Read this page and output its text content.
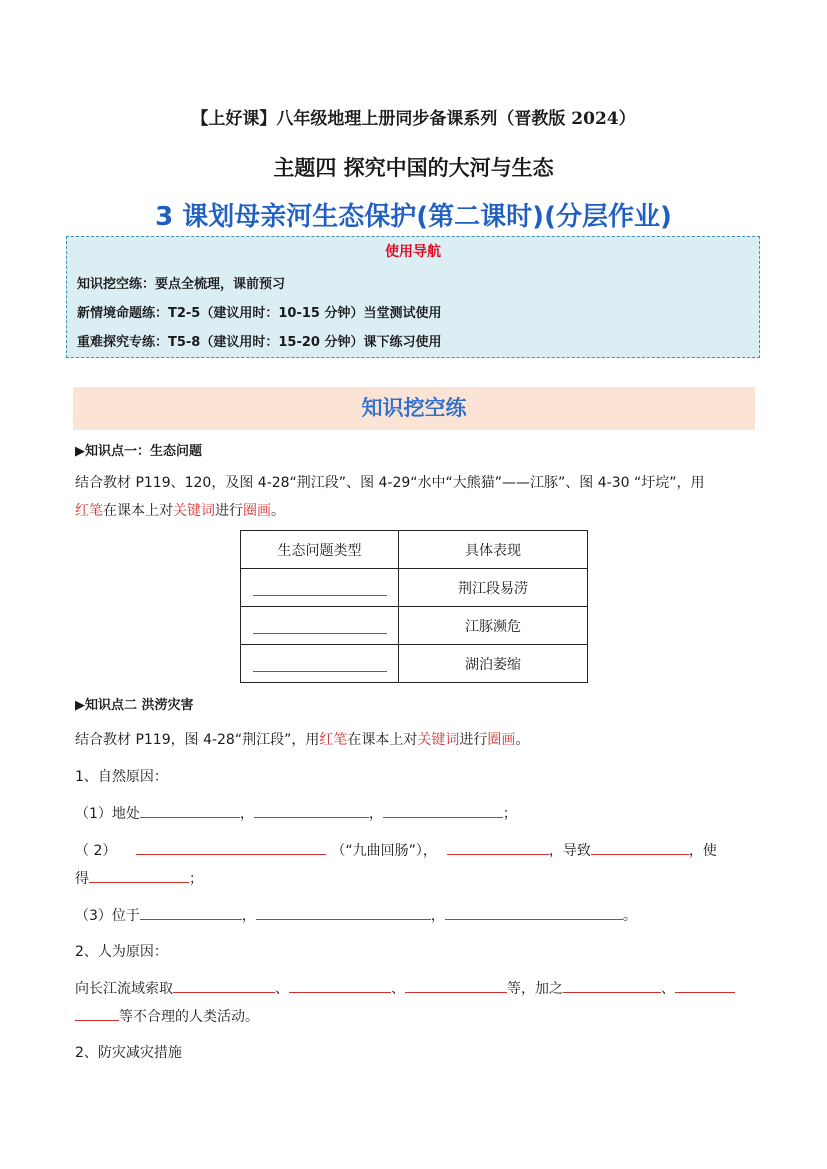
【上好课】八年级地理上册同步备课系列（晋教版 2024）
主题四 探究中国的大河与生态
3 课划母亲河生态保护(第二课时)(分层作业)
使用导航
知识挖空练：要点全梳理，课前预习
新情境命题练：T2-5（建议用时：10-15 分钟）当堂测试使用
重难探究专练：T5-8（建议用时：15-20 分钟）课下练习使用
知识挖空练
▶知识点一：生态问题
结合教材 P119、120，及图 4-28“荆江段”、图 4-29“水中“大熊猫”——江豚”、图 4-30 “圩垸”，用
红笔在课本上对关键词进行圈画。
生态问题类型	具体表现
	荆江段易涝
	江豚濒危
	湖泊萎缩
▶知识点二 洪涝灾害
结合教材 P119，图 4-28“荆江段”，用红笔在课本上对关键词进行圈画。
1、自然原因：
（1）地处	，	，	；
（ 2）	（“九曲回肠”），	，导致	，使
得	；
（3）位于	，	，	。
2、人为原因：
向长江流域索取	、	、	等，加之	、
等不合理的人类活动。
2、防灾减灾措施
